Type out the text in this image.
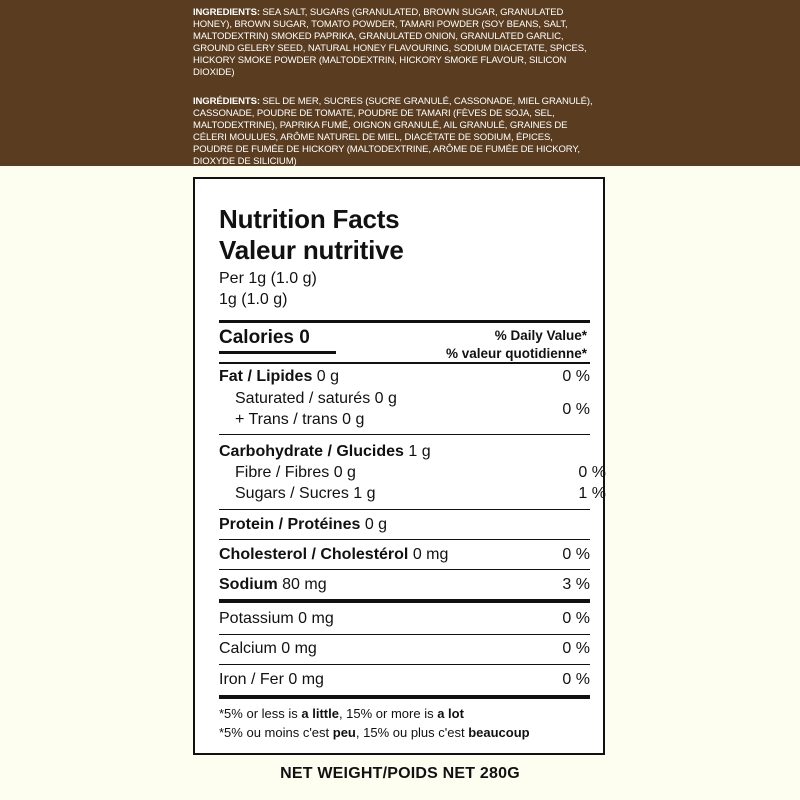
INGREDIENTS: SEA SALT, SUGARS (GRANULATED, BROWN SUGAR, GRANULATED HONEY), BROWN SUGAR, TOMATO POWDER, TAMARI POWDER (SOY BEANS, SALT, MALTODEXTRIN) SMOKED PAPRIKA, GRANULATED ONION, GRANULATED GARLIC, GROUND GELERY SEED, NATURAL HONEY FLAVOURING, SODIUM DIACETATE, SPICES, HICKORY SMOKE POWDER (MALTODEXTRIN, HICKORY SMOKE FLAVOUR, SILICON DIOXIDE)
INGRÉDIENTS: SEL DE MER, SUCRES (SUCRE GRANULÉ, CASSONADE, MIEL GRANULÉ), CASSONADE, POUDRE DE TOMATE, POUDRE DE TAMARI (FÈVES DE SOJA, SEL, MALTODEXTRINE), PAPRIKA FUMÉ, OIGNON GRANULÉ, AIL GRANULÉ, GRAINES DE CÉLERI MOULUES, ARÔME NATUREL DE MIEL, DIACÉTATE DE SODIUM, ÉPICES, POUDRE DE FUMÉE DE HICKORY (MALTODEXTRINE, ARÔME DE FUMÉE DE HICKORY, DIOXYDE DE SILICIUM)
Nutrition Facts
Valeur nutritive
Per 1g (1.0 g)
1g (1.0 g)
Calories 0	% Daily Value*
% valeur quotidienne*
Fat / Lipides 0 g	0 %
Saturated / saturés 0 g
+ Trans / trans 0 g
0 %
Carbohydrate / Glucides 1 g
Fibre / Fibres 0 g	0 %
Sugars / Sucres 1 g	1 %
Protein / Protéines 0 g
Cholesterol / Cholestérol 0 mg	0 %
Sodium 80 mg	3 %
Potassium 0 mg	0 %
Calcium 0 mg	0 %
Iron / Fer 0 mg	0 %
*5% or less is a little, 15% or more is a lot
*5% ou moins c'est peu, 15% ou plus c'est beaucoup
NET WEIGHT/POIDS NET 280G
